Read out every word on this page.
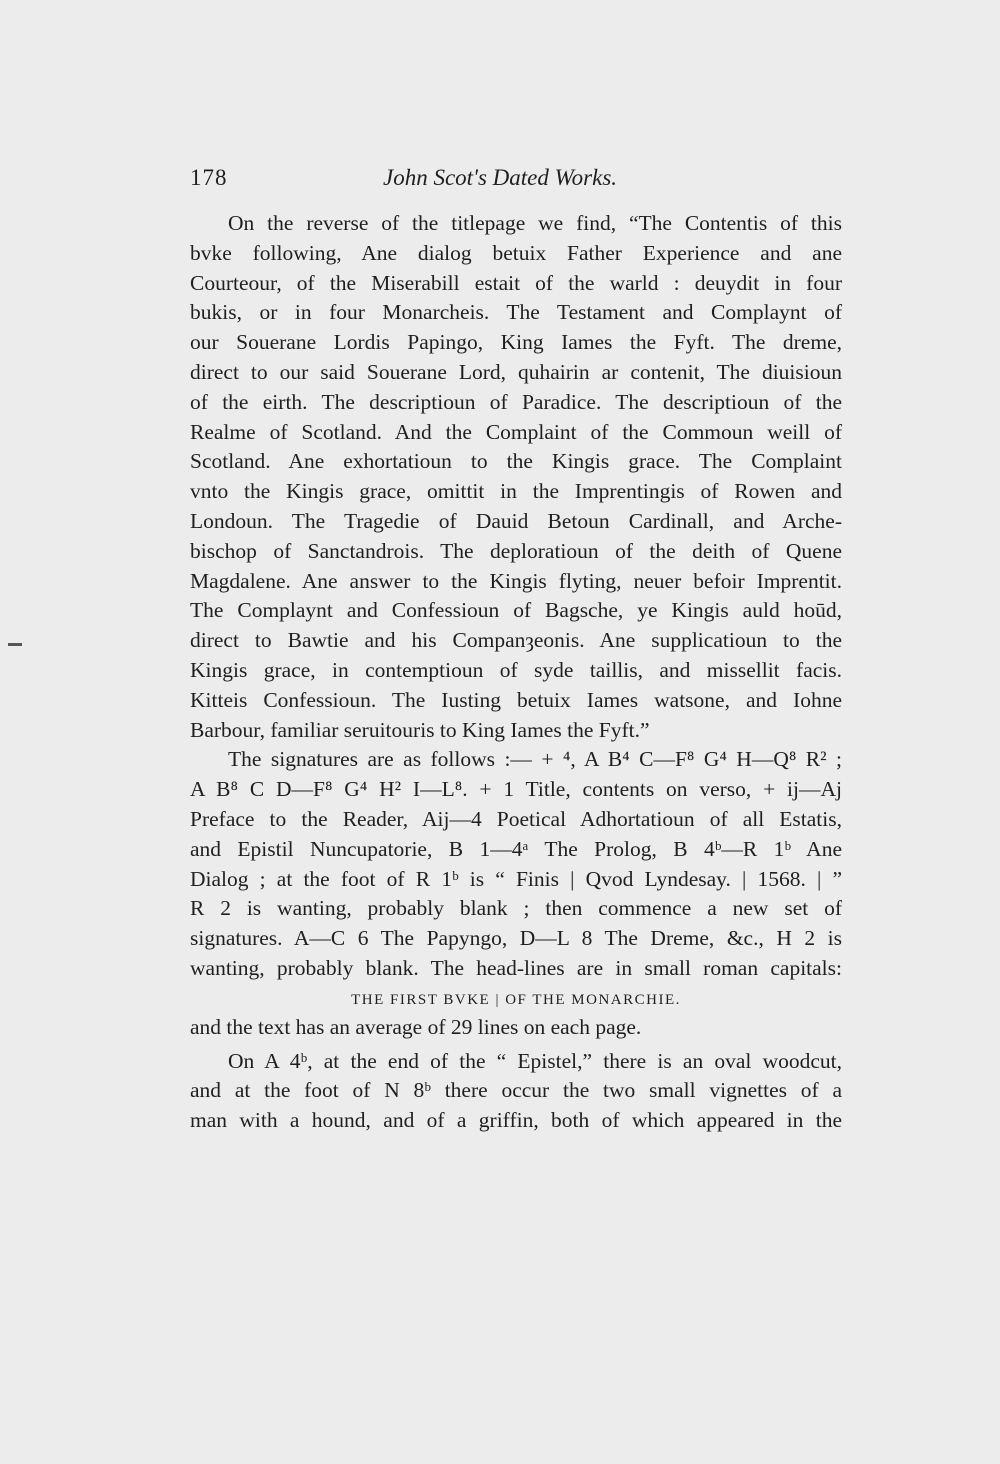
178	John Scot's Dated Works.
On the reverse of the titlepage we find, “The Contentis of this
bvke following, Ane dialog betuix Father Experience and ane
Courteour, of the Miserabill estait of the warld : deuydit in four
bukis, or in four Monarcheis. The Testament and Complaynt of
our Souerane Lordis Papingo, King Iames the Fyft. The dreme,
direct to our said Souerane Lord, quhairin ar contenit, The diuisioun
of the eirth. The descriptioun of Paradice. The descriptioun of the
Realme of Scotland. And the Complaint of the Commoun weill of
Scotland. Ane exhortatioun to the Kingis grace. The Complaint
vnto the Kingis grace, omittit in the Imprentingis of Rowen and
Londoun. The Tragedie of Dauid Betoun Cardinall, and Arche-
bischop of Sanctandrois. The deploratioun of the deith of Quene
Magdalene. Ane answer to the Kingis flyting, neuer befoir Imprentit.
The Complaynt and Confessioun of Bagsche, ye Kingis auld hoūd,
direct to Bawtie and his Companȝeonis. Ane supplicatioun to the
Kingis grace, in contemptioun of syde taillis, and missellit facis.
Kitteis Confessioun. The Iusting betuix Iames watsone, and Iohne
Barbour, familiar seruitouris to King Iames the Fyft.”
The signatures are as follows :— + ⁴, A B⁴ C—F⁸ G⁴ H—Q⁸ R² ;
A B⁸ C D—F⁸ G⁴ H² I—L⁸. + 1 Title, contents on verso, + ij—Aj
Preface to the Reader, Aij—4 Poetical Adhortatioun of all Estatis,
and Epistil Nuncupatorie, B 1—4ᵃ The Prolog, B 4ᵇ—R 1ᵇ Ane
Dialog ; at the foot of R 1ᵇ is “ Finis | Qvod Lyndesay. | 1568. | ”
R 2 is wanting, probably blank ; then commence a new set of
signatures. A—C 6 The Papyngo, D—L 8 The Dreme, &c., H 2 is
wanting, probably blank. The head-lines are in small roman capitals:
THE FIRST BVKE | OF THE MONARCHIE.
and the text has an average of 29 lines on each page.
On A 4ᵇ, at the end of the “ Epistel,” there is an oval woodcut,
and at the foot of N 8ᵇ there occur the two small vignettes of a
man with a hound, and of a griffin, both of which appeared in the
